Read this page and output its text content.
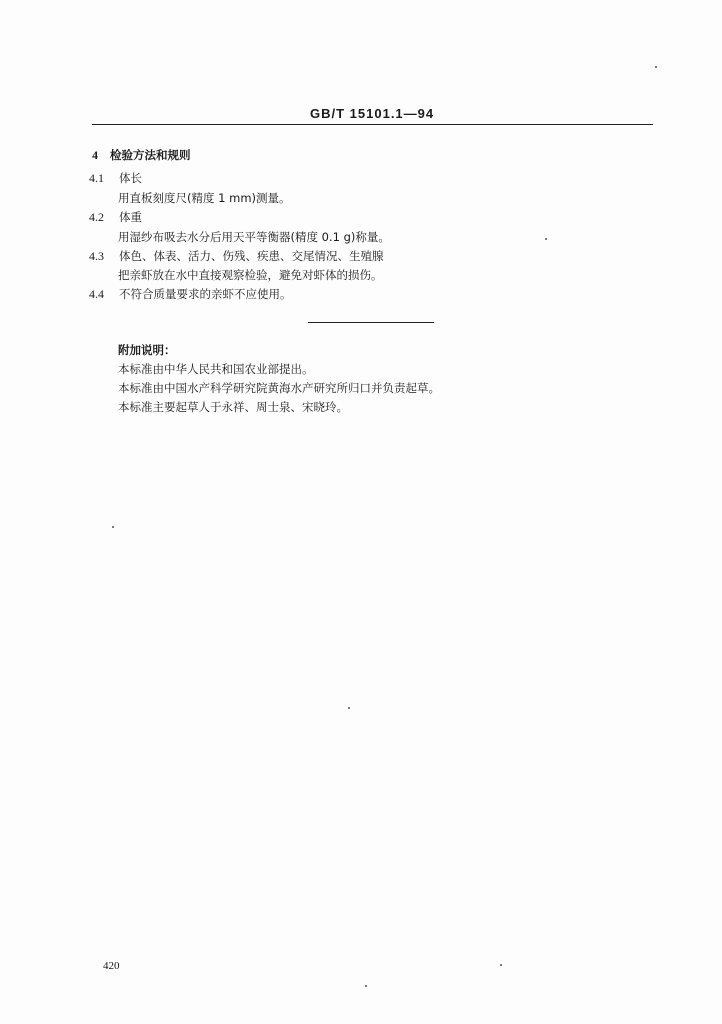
GB/T 15101.1—94
4 检验方法和规则
4.1 体长
用直板刻度尺(精度 1 mm)测量。
4.2 体重
用湿纱布吸去水分后用天平等衡器(精度 0.1 g)称量。
4.3 体色、体表、活力、伤残、疾患、交尾情况、生殖腺
把亲虾放在水中直接观察检验，避免对虾体的损伤。
4.4 不符合质量要求的亲虾不应使用。
附加说明：
本标准由中华人民共和国农业部提出。
本标准由中国水产科学研究院黄海水产研究所归口并负责起草。
本标准主要起草人于永祥、周士泉、宋晓玲。
420
